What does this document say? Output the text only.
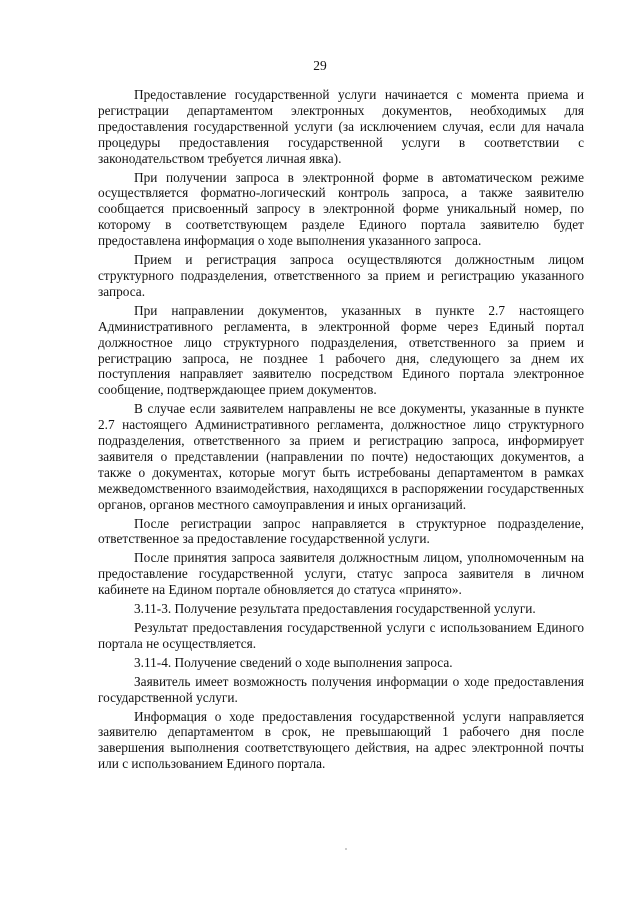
29

Предоставление государственной услуги начинается с момента приема и регистрации департаментом электронных документов, необходимых для предоставления государственной услуги (за исключением случая, если для начала процедуры предоставления государственной услуги в соответствии с законодательством требуется личная явка).

При получении запроса в электронной форме в автоматическом режиме осуществляется форматно-логический контроль запроса, а также заявителю сообщается присвоенный запросу в электронной форме уникальный номер, по которому в соответствующем разделе Единого портала заявителю будет предоставлена информация о ходе выполнения указанного запроса.

Прием и регистрация запроса осуществляются должностным лицом структурного подразделения, ответственного за прием и регистрацию указанного запроса.

При направлении документов, указанных в пункте 2.7 настоящего Административного регламента, в электронной форме через Единый портал должностное лицо структурного подразделения, ответственного за прием и регистрацию запроса, не позднее 1 рабочего дня, следующего за днем их поступления направляет заявителю посредством Единого портала электронное сообщение, подтверждающее прием документов.

В случае если заявителем направлены не все документы, указанные в пункте 2.7 настоящего Административного регламента, должностное лицо структурного подразделения, ответственного за прием и регистрацию запроса, информирует заявителя о представлении (направлении по почте) недостающих документов, а также о документах, которые могут быть истребованы департаментом в рамках межведомственного взаимодействия, находящихся в распоряжении государственных органов, органов местного самоуправления и иных организаций.

После регистрации запрос направляется в структурное подразделение, ответственное за предоставление государственной услуги.

После принятия запроса заявителя должностным лицом, уполномоченным на предоставление государственной услуги, статус запроса заявителя в личном кабинете на Едином портале обновляется до статуса «принято».

3.11-3. Получение результата предоставления государственной услуги.

Результат предоставления государственной услуги с использованием Единого портала не осуществляется.

3.11-4. Получение сведений о ходе выполнения запроса.

Заявитель имеет возможность получения информации о ходе предоставления государственной услуги.

Информация о ходе предоставления государственной услуги направляется заявителю департаментом в срок, не превышающий 1 рабочего дня после завершения выполнения соответствующего действия, на адрес электронной почты или с использованием Единого портала.
